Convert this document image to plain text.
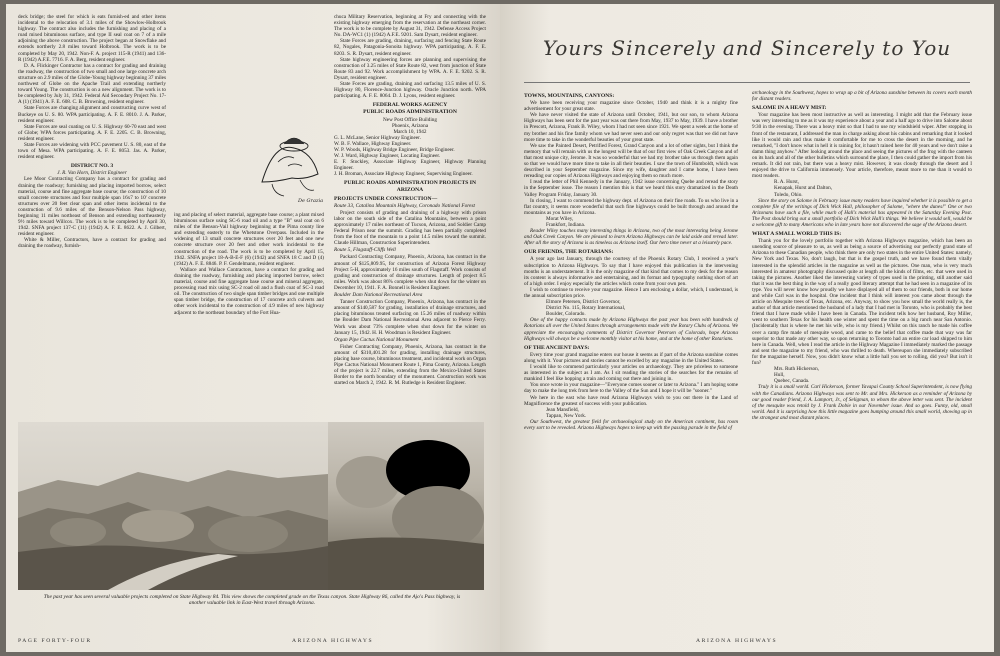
deck bridge; the steel for which is eats furnish-ed and other items incidental to the relocation of 3.1 miles of the Showlow-Holbrook highway. The contract also includes the furnishing and placing of a road mixed bituminous surface, and type II seal coat on 7 of a mile adjoining the above construction. The project began at Snowflake and extends northerly 2.8 miles toward Holbrook. The work is to be completed by May 20, 1942. Non-F. A. project 115-R (1941) and 136-R (1942) A.F.E. 7716. F. A. Berg, resident engineer.

D. A. Flickinger Contractor has a contract for grading and draining the roadway, the construction of two small and one large concrete arch structure on 2.9 miles of the Globe-Young highway beginning 37 miles northwest of Globe on the Apache Trail and extending northerly toward Young. The construction is on a new alignment. The work is to be completed by July 31, 1942. Federal Aid Secondary Project No. 17-A (1) (1941) A. F. E. 608. C. B. Browning, resident engineer.

State Forces are changing alignment and constructing curve west of Buckeye on U. S. 80. WPA participating. A. F. E. 8010. J. A. Parker, resident engineer.

State Forces are seal coating on U. S. Highway 60-70 east and west of Globe; WPA forces participating. A. F. E. 2205. C. B. Browning, resident engineer.

State Forces are widening with PCC pavement U. S. 80, east of the town of Mesa. WPA participating. A. F. E. 8053. Jas. A. Parker, resident engineer.

DISTRICT NO. 3

J. R. Van Horn, District Engineer

Lee Moor Contracting Company has a contract for grading and draining the roadway; furnishing and placing imported borrow, select material, course and fine aggregate base course; the construction of 10 small concrete structures and four multiple span 16x7 to 10' concrete structures over 20 feet clear span and other items incidental to the construction of 9.6 miles of the Benson-Nelson Pass highway, beginning 11 miles northeast of Benson and extending northeasterly 9½ miles toward Willcox. The work is to be completed by April 30, 1942. SNFA project 137-C (11) (1942) A. F. E. 8622. A. J. Gilbert, resident engineer.

White & Miller, Contractors, have a contract for grading and draining the roadway, furnish-

De Grazia

ing and placing of select material, aggregate base course; a plant mixed bituminous surface using SC-6 road oil and a type "B" seal coat on 6 miles of the Benson-Vail highway beginning at the Pima county line and extending easterly to the Whetstone Overpass. Included in the widening of 13 small concrete structures over 20 feet and one new concrete structure over 20 feet and other work incidental to the construction of the road. The work is to be completed by April 15, 1942. SNFA project 18-A-B-E-F (6) (1942) and SNFA 18 C and D (4) (1942) A. F. E. 8846. P. F. Gendelmann, resident engineer.

Wallace and Wallace Contractors, have a contract for grading and draining the roadway, furnishing and placing imported borrow, select material, course and fine aggregate base course and mineral aggregate, processing road mix using SC-2 road oil and a flush coat of SC-3 road oil. The construction of two single span timber bridges and one multiple span timber bridge, the construction of 17 concrete arch culverts and other work incidental to the construction of 4.9 miles of new highway adjacent to the northeast boundary of the Fort Hua-

chuca Military Reservation, beginning at Fry and connecting with the existing highway emerging from the reservation at the northeast corner. The work is to be complete by August 31, 1942. Defense Access Project No. DA-WC1 (1) (1942) A.F.E. 9201. Sam Dysart, resident engineer.

State Forces are grading, draining, surfacing and fencing State Route 82, Nogales, Patagonia-Sonoita highway. WPA participating. A. F. E. 8203. S. R. Dysart, resident engineer.

State highway engineering forces are planning and supervising the construction of 3.25 miles of State Route 82, west from junction of State Route 83 and 92. Work accomplishment by WPA. A. F. E. 9202. S. R. Dysart, resident engineer.

State Forces are grading, draining and surfacing 13.5 miles of U. S. Highway 80, Florence-Junction highway. Oracle Junction north. WPA participating. A. F. E. 8064. D. J. Lyons, resident engineer.

FEDERAL WORKS AGENCY
PUBLIC ROADS ADMINISTRATION

New Post Office Building

Phoenix, Arizona

March 10, 1942

G. L. McLane, Senior Highway Engineer.

W. B. F. Wallace, Highway Engineer.

W. P. Woods, Highway Bridge Engineer, Bridge Engineer.

W. J. Ward, Highway Engineer, Locating Engineer.

E. F. Stockley, Associate Highway Engineer, Highway Planning Engineer.

J. H. Broman, Associate Highway Engineer, Supervising Engineer.

PUBLIC ROADS ADMINISTRATION PROJECTS IN ARIZONA
PROJECTS UNDER CONSTRUCTION—

Route 33, Catalina Mountain Highway, Coronado National Forest

Project consists of grading and draining of a highway with prison labor on the south side of the Catalina Mountains, between a point approximately 17 miles northeast of Tucson, Arizona, and Soldier Camp Federal Prison near the summit. Grading has been partially completed from the foot of the mountain to a point 14.5 miles toward the summit. Claude Hillman, Construction Superintendent.

Route 5, Flagstaff-Cliffs Well

Packard Contracting Company, Phoenix, Arizona, has contract in the amount of $125,809.95, for construction of Arizona Forest Highway Project 5-H, approximately 16 miles south of Flagstaff. Work consists of grading and construction of drainage structures. Length of project 8.5 miles. Work was about 86% complete when shut down for the winter on December 10, 1941. F. A. Bonnell is Resident Engineer.

Boulder Dam National Recreational Area

Tanner Construction Company, Phoenix, Arizona, has contract in the amount of $140,587 for grading, installation of drainage structures, and placing bituminous treated surfacing on 15.26 miles of roadway within the Boulder Dam National Recreational Area adjacent to Pierce Ferry. Work was about 73% complete when shut down for the winter on January 15, 1942. H. H. Woodman is Resident Engineer.

Organ Pipe Cactus National Monument

Fisher Contracting Company, Phoenix, Arizona, has contract in the amount of $310,401.28 for grading, installing drainage structures, placing base course, bituminous treatment, and incidental work on Organ Pipe Cactus National Monument Route 1, Pima County, Arizona. Length of the project is 22.7 miles, extending from the Mexico-United States Border to the north boundary of the monument. Construction work was started on March 2, 1942. R. M. Rutledge is Resident Engineer.

The past year has seen several valuable projects completed on State Highway 84. This view shows the completed grade on the Texas canyon. State Highway 86, called the Ajo's Pass highway, is another valuable link in East-West travel through Arizona.
PAGE FORTY-FOUR	ARIZONA HIGHWAYS
Yours Sincerely and Sincerely to You
TOWNS, MOUNTAINS, CANYONS:

We have been receiving your magazine since October, 1940 and think it is a mighty fine advertisement for your great state.

We have never visited the state of Arizona until October, 1941, but our son, to whom Arizona Highways has been sent for the past year was out there from May, 1937 to May, 1939. I have a brother in Prescott, Arizona, Frank B. Wiley, whom I had not seen since 1921. We spent a week at the home of my brother and his fine family whom we had never seen and our only regret was that we did not have more time to take in the wonderful beauties of your great state.

We saw the Painted Desert, Petrified Forest, Grand Canyon and a lot of other sights, but I think the memory that will remain with us the longest will be that of our first view of Oak Creek Canyon and of that most unique city, Jerome. It was so wonderful that we had my brother take us through them again so that we would have more time to take in all their beauties. I saw the town of Humboldt, which was described in your September magazine. Since my wife, daughter and I came home, I have been rereading our copies of Arizona Highways and enjoying them so much more.

I read the letter of Phil Kennedy in the January, 1942 issue concerning Quebe and reread the story in the September issue. The reason I mention this is that we heard this story dramatized in the Death Valley Program Friday, January 30.

In closing, I want to commend the highway dept. of Arizona on their fine roads. To us who live in a flat country, it seems more wonderful that such fine highways could be built through and around the mountains as you have in Arizona.

Morat Wiley,

Frankfort, Indiana.

Reader Wiley touches many interesting things in Arizona, two of the most interesting being Jerome and Oak Creek Canyon. We are pleased to learn Arizona Highways can be laid aside and reread later. After all the story of Arizona is as timeless as Arizona itself. Our hero time never at a leisurely pace.

OUR FRIENDS, THE ROTARIANS:

A year ago last January, through the courtesy of the Phoenix Rotary Club, I received a year's subscription to Arizona Highways. To say that I have enjoyed this publication in the intervening months is an understatement. It is the only magazine of that kind that comes to my desk for the reason its content is always informative and entertaining, and its format and typography nothing short of art of a high order. I enjoy especially the articles which come from your own pen.

I wish to continue to receive your magazine. Hence I am enclosing a dollar, which, I understand, is the annual subscription price.

Elmore Petersen, District Governor,

District No. 115, Rotary International,

Boulder, Colorado.

One of the happy contacts made by Arizona Highways the past year has been with hundreds of Rotarians all over the United States through arrangements made with the Rotary Clubs of Arizona. We appreciate the encouraging comments of District Governor Petersen of Colorado, hope Arizona Highways will always be a welcome monthly visitor at his home, and at the home of other Rotarians.

OF THE ANCIENT DAYS:

Every time your grand magazine enters our house it seems as if part of the Arizona sunshine comes along with it. Your pictures and stories cannot be excelled by any magazine in the United States.

I would like to commend particularly your articles on archaeology. They are priceless to someone as interested in the subject as I am. As I sit reading the stories of the searches for the remains of mankind I feel like hopping a train and coming out there and joining in.

You once wrote in your magazine—"Everyone comes sooner or later to Arizona." I am hoping some day to make the long trek from here to the Valley of the Sun and I hope it will be "sooner."

We here in the east who have read Arizona Highways wish to you out there in the Land of Magnificence the greatest of success with your publication.

Jean Mansfield,

Tappan, New York.

Our Southwest, the greatest field for archaeological study on the American continent, has room every sort to be revealed. Arizona Highways hopes to keep up with the passing parade in the field of

archaeology in the Southwest, hopes to wrap up a bit of Arizona sunshine between its covers each month for distant readers.

SALOME IN A HEAVY MIST:

Your magazine has been most instructive as well as interesting. I might add that the February issue was very interesting to me as it was my experience about a year and a half ago to drive into Salome about 9:30 in the evening. There was a heavy mist so that I had to use my windshield wiper. After stopping in front of the restaurant, I addressed the man in charge asking about his cabins and remarking that it looked like it would rain and thus make it comfortable for me to cross the desert in the morning, and he remarked, "I don't know what in hell it is raining for, it hasn't rained here for 40 years and we don't raise a damn thing anyhow." After looking around the place and seeing the pictures of the frog with the canteen on its back and all of the other bulletins which surround the place, I then could gather the import from his remark. It did not rain, but there was a heavy mist. However, it was cloudy through the desert and I enjoyed the drive to California immensely. Your article, therefore, meant more to me than it would to most readers.

R. A. Hurst,

Kenapak, Hurst and Dalton,

Toledo, Ohio.

Since the story on Salome in February issue many readers have inquired whether it is possible to get a complete file of the writings of Dick Wick Hall, philosopher of Salome, "where the dunes!" One or two Arizonans have such a file, while much of Hall's material has appeared in the Saturday Evening Post. The Post should bring out a small portfolio of Dick Wick Hall's things. We believe it would sell, would be a welcome gift to many Americans who in late years have not discovered the sage of the Arizona desert.

WHAT A SMALL WORLD THIS IS:

Thank you for the lovely portfolio together with Arizona Highways magazine, which has been an unending source of pleasure to us, as well as being a source of advertising our perfectly grand state of Arizona to these Canadian people, who think there are only two states in the entire United States: namely, New York and Texas. No, don't laugh, but that is the gospel truth, and we have found them vitally interested in the splendid articles in the magazine as well as the pictures. One man, who is very much interested in amateur photography discussed quite at length all the kinds of films, etc. that were used in taking the pictures. Another liked the interesting variety of types used in the printing, still another said that it was the best thing in the way of a really good literary attempt that he had seen in a magazine of its type. You will never know how proudly we have displayed all of them to our friends, both in our home and while Carl was in the hospital. One incident that I think will interest you came about through the article on Mesquite trees of Texas, Arizona, etc. Anyway, to show you how small the world really is, the author of that article mentioned the husband of a lady that I had met in Toronto, who is probably the best friend that I have made while I have been in Canada. The incident tells how her husband, Roy Miller, went to southern Texas for his health one winter and spent the time on a big ranch near San Antonio. (Incidentally that is where he met his wife, who is my friend.) Whilst on this ranch he made his coffee over a camp fire made of mesquite wood, and came to the belief that coffee made that way was far superior to that made any other way, so upon returning to Toronto had an entire car load shipped to him here in Canada. Well, when I read the article in the Highway Magazine I immediately marked the passage and sent the magazine to my friend, who was thrilled to death. Whereupon she immediately subscribed for the magazine herself. Now, you didn't know what a little hall you set to rolling, did you? But isn't it fun?

Mrs. Ruth Hickerson,

Hull,

Quebec, Canada.

Truly it is a small world. Carl Hickerson, former Yavapai County School Superintendent, is now flying with the Canadians. Arizona Highways was sent to Mr. and Mrs. Hickerson as a reminder of Arizona by our good reader friend, J. A. Lamport, Jr., of Seligman, to whom the above letter was sent. The incident of the mesquite was retold by J. Frank Dobie in our November issue. And so goes. Funny, old, small world. And it is surprising how this little magazine goes bumping around this small world, showing up in the strangest and most distant places.

ARIZONA HIGHWAYS
